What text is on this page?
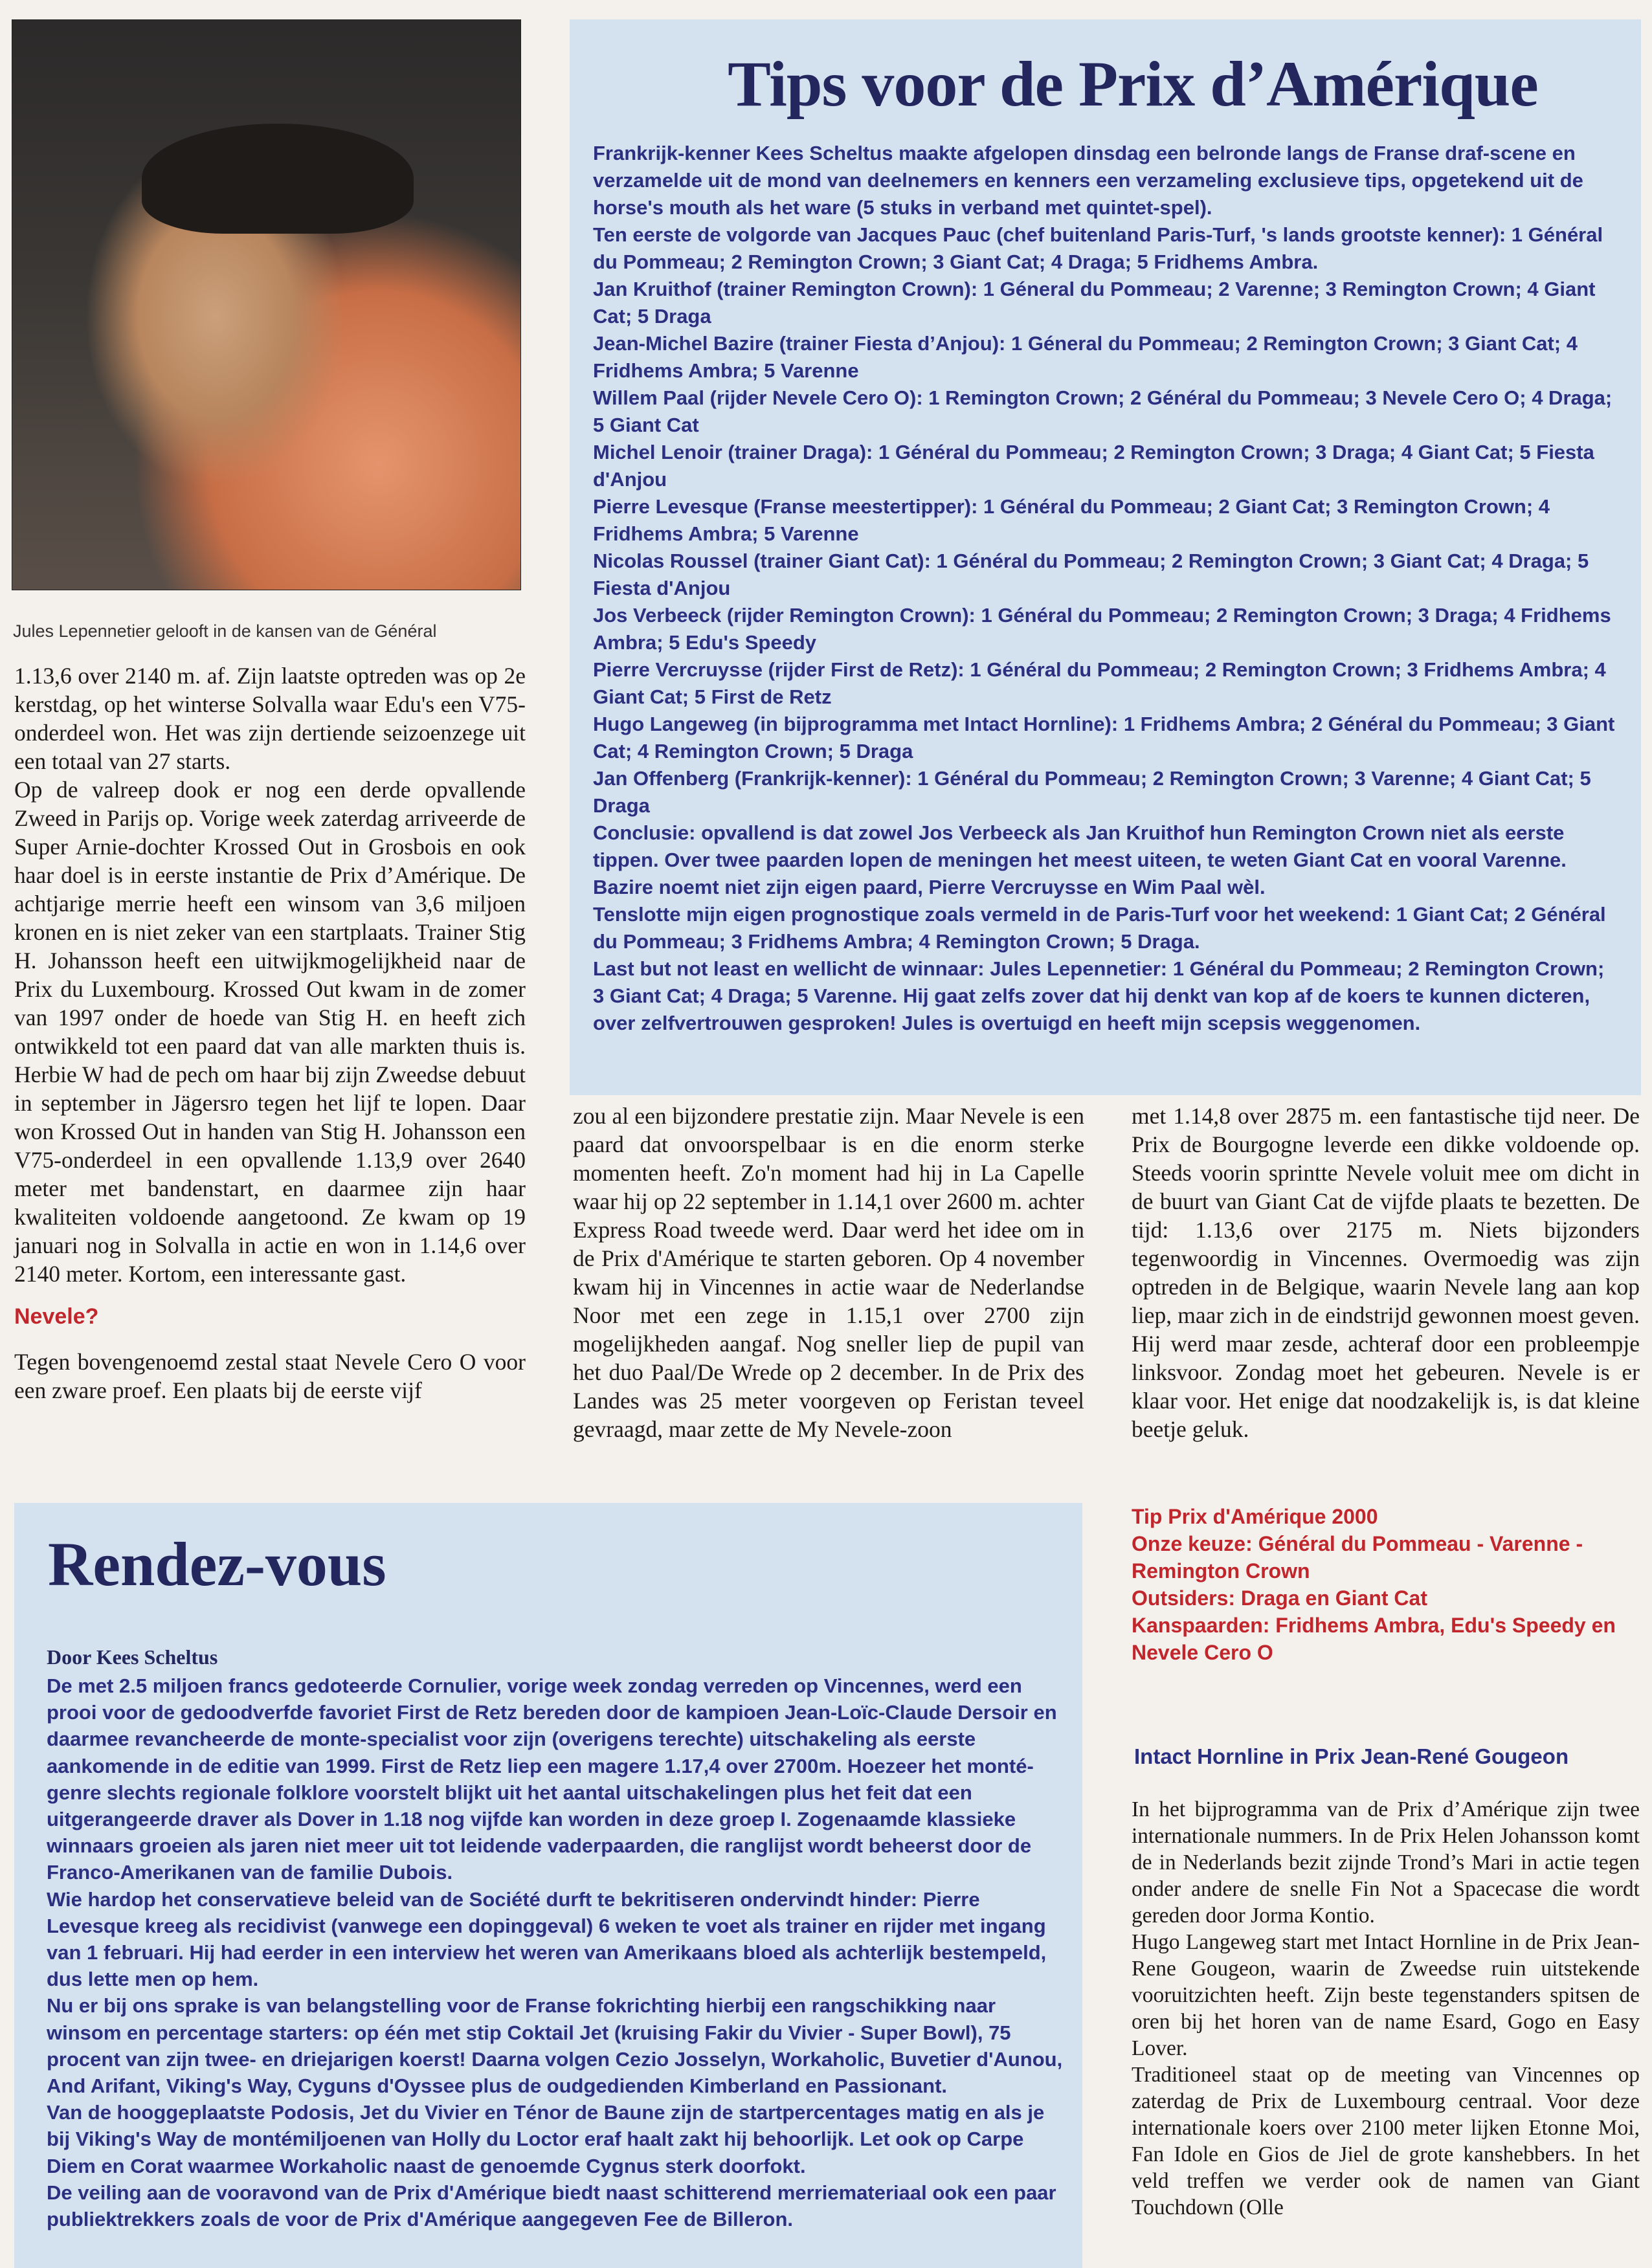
Jules Lepennetier gelooft in de kansen van de Général
Tips voor de Prix d’Amérique

Frankrijk-kenner Kees Scheltus maakte afgelopen dinsdag een belronde langs de Franse draf-scene en verzamelde uit de mond van deelnemers en kenners een verzameling exclusieve tips, opgetekend uit de horse's mouth als het ware (5 stuks in verband met quintet-spel).

Ten eerste de volgorde van Jacques Pauc (chef buitenland Paris-Turf, 's lands grootste kenner): 1 Général du Pommeau; 2 Remington Crown; 3 Giant Cat; 4 Draga; 5 Fridhems Ambra.

Jan Kruithof (trainer Remington Crown): 1 Géneral du Pommeau; 2 Varenne; 3 Remington Crown; 4 Giant Cat; 5 Draga

Jean-Michel Bazire (trainer Fiesta d’Anjou): 1 Géneral du Pommeau; 2 Remington Crown; 3 Giant Cat; 4 Fridhems Ambra; 5 Varenne

Willem Paal (rijder Nevele Cero O): 1 Remington Crown; 2 Général du Pommeau; 3 Nevele Cero O; 4 Draga; 5 Giant Cat

Michel Lenoir (trainer Draga): 1 Général du Pommeau; 2 Remington Crown; 3 Draga; 4 Giant Cat; 5 Fiesta d'Anjou

Pierre Levesque (Franse meestertipper): 1 Général du Pommeau; 2 Giant Cat; 3 Remington Crown; 4 Fridhems Ambra; 5 Varenne

Nicolas Roussel (trainer Giant Cat): 1 Général du Pommeau; 2 Remington Crown; 3 Giant Cat; 4 Draga; 5 Fiesta d'Anjou

Jos Verbeeck (rijder Remington Crown): 1 Général du Pommeau; 2 Remington Crown; 3 Draga; 4 Fridhems Ambra; 5 Edu's Speedy

Pierre Vercruysse (rijder First de Retz): 1 Général du Pommeau; 2 Remington Crown; 3 Fridhems Ambra; 4 Giant Cat; 5 First de Retz

Hugo Langeweg (in bijprogramma met Intact Hornline): 1 Fridhems Ambra; 2 Général du Pommeau; 3 Giant Cat; 4 Remington Crown; 5 Draga

Jan Offenberg (Frankrijk-kenner): 1 Général du Pommeau; 2 Remington Crown; 3 Varenne; 4 Giant Cat; 5 Draga

Conclusie: opvallend is dat zowel Jos Verbeeck als Jan Kruithof hun Remington Crown niet als eerste tippen. Over twee paarden lopen de meningen het meest uiteen, te weten Giant Cat en vooral Varenne. Bazire noemt niet zijn eigen paard, Pierre Vercruysse en Wim Paal wèl.

Tenslotte mijn eigen prognostique zoals vermeld in de Paris-Turf voor het weekend: 1 Giant Cat; 2 Général du Pommeau; 3 Fridhems Ambra; 4 Remington Crown; 5 Draga.

Last but not least en wellicht de winnaar: Jules Lepennetier: 1 Général du Pommeau; 2 Remington Crown; 3 Giant Cat; 4 Draga; 5 Varenne. Hij gaat zelfs zover dat hij denkt van kop af de koers te kunnen dicteren, over zelfvertrouwen gesproken! Jules is overtuigd en heeft mijn scepsis weggenomen.

1.13,6 over 2140 m. af. Zijn laatste optreden was op 2e kerstdag, op het winterse Solvalla waar Edu's een V75-onderdeel won. Het was zijn dertiende seizoenzege uit een totaal van 27 starts.

Op de valreep dook er nog een derde opvallende Zweed in Parijs op. Vorige week zaterdag arriveerde de Super Arnie-dochter Krossed Out in Grosbois en ook haar doel is in eerste instantie de Prix d’Amérique. De achtjarige merrie heeft een winsom van 3,6 miljoen kronen en is niet zeker van een startplaats. Trainer Stig H. Johansson heeft een uitwijkmogelijkheid naar de Prix du Luxembourg. Krossed Out kwam in de zomer van 1997 onder de hoede van Stig H. en heeft zich ontwikkeld tot een paard dat van alle markten thuis is. Herbie W had de pech om haar bij zijn Zweedse debuut in september in Jägersro tegen het lijf te lopen. Daar won Krossed Out in handen van Stig H. Johansson een V75-onderdeel in een opvallende 1.13,9 over 2640 meter met bandenstart, en daarmee zijn haar kwaliteiten voldoende aangetoond. Ze kwam op 19 januari nog in Solvalla in actie en won in 1.14,6 over 2140 meter. Kortom, een interessante gast.

Nevele?

Tegen bovengenoemd zestal staat Nevele Cero O voor een zware proef. Een plaats bij de eerste vijf

zou al een bijzondere prestatie zijn. Maar Nevele is een paard dat onvoorspelbaar is en die enorm sterke momenten heeft. Zo'n moment had hij in La Capelle waar hij op 22 september in 1.14,1 over 2600 m. achter Express Road tweede werd. Daar werd het idee om in de Prix d'Amérique te starten geboren. Op 4 november kwam hij in Vincennes in actie waar de Nederlandse Noor met een zege in 1.15,1 over 2700 zijn mogelijkheden aangaf. Nog sneller liep de pupil van het duo Paal/De Wrede op 2 december. In de Prix des Landes was 25 meter voorgeven op Feristan teveel gevraagd, maar zette de My Nevele-zoon

met 1.14,8 over 2875 m. een fantastische tijd neer. De Prix de Bourgogne leverde een dikke voldoende op. Steeds voorin sprintte Nevele voluit mee om dicht in de buurt van Giant Cat de vijfde plaats te bezetten. De tijd: 1.13,6 over 2175 m. Niets bijzonders tegenwoordig in Vincennes. Overmoedig was zijn optreden in de Belgique, waarin Nevele lang aan kop liep, maar zich in de eindstrijd gewonnen moest geven. Hij werd maar zesde, achteraf door een probleempje linksvoor. Zondag moet het gebeuren. Nevele is er klaar voor. Het enige dat noodzakelijk is, is dat kleine beetje geluk.

Rendez-vous
Door Kees Scheltus

De met 2.5 miljoen francs gedoteerde Cornulier, vorige week zondag verreden op Vincennes, werd een prooi voor de gedoodverfde favoriet First de Retz bereden door de kampioen Jean-Loïc-Claude Dersoir en daarmee revancheerde de monte-specialist voor zijn (overigens terechte) uitschakeling als eerste aankomende in de editie van 1999. First de Retz liep een magere 1.17,4 over 2700m. Hoezeer het monté-genre slechts regionale folklore voorstelt blijkt uit het aantal uitschakelingen plus het feit dat een uitgerangeerde draver als Dover in 1.18 nog vijfde kan worden in deze groep I. Zogenaamde klassieke winnaars groeien als jaren niet meer uit tot leidende vaderpaarden, die ranglijst wordt beheerst door de Franco-Amerikanen van de familie Dubois.

Wie hardop het conservatieve beleid van de Société durft te bekritiseren ondervindt hinder: Pierre Levesque kreeg als recidivist (vanwege een dopinggeval) 6 weken te voet als trainer en rijder met ingang van 1 februari. Hij had eerder in een interview het weren van Amerikaans bloed als achterlijk bestempeld, dus lette men op hem.

Nu er bij ons sprake is van belangstelling voor de Franse fokrichting hierbij een rangschikking naar winsom en percentage starters: op één met stip Coktail Jet (kruising Fakir du Vivier - Super Bowl), 75 procent van zijn twee- en driejarigen koerst! Daarna volgen Cezio Josselyn, Workaholic, Buvetier d'Aunou, And Arifant, Viking's Way, Cyguns d'Oyssee plus de oudgedienden Kimberland en Passionant.

Van de hooggeplaatste Podosis, Jet du Vivier en Ténor de Baune zijn de startpercentages matig en als je bij Viking's Way de montémiljoenen van Holly du Loctor eraf haalt zakt hij behoorlijk. Let ook op Carpe Diem en Corat waarmee Workaholic naast de genoemde Cygnus sterk doorfokt.

De veiling aan de vooravond van de Prix d'Amérique biedt naast schitterend merriemateriaal ook een paar publiektrekkers zoals de voor de Prix d'Amérique aangegeven Fee de Billeron.

Tip Prix d'Amérique 2000
Onze keuze: Général du Pommeau - Varenne - Remington Crown
Outsiders: Draga en Giant Cat
Kanspaarden: Fridhems Ambra, Edu's Speedy en Nevele Cero O
Intact Hornline in Prix Jean-René Gougeon

In het bijprogramma van de Prix d’Amérique zijn twee internationale nummers. In de Prix Helen Johansson komt de in Nederlands bezit zijnde Trond’s Mari in actie tegen onder andere de snelle Fin Not a Spacecase die wordt gereden door Jorma Kontio.

Hugo Langeweg start met Intact Hornline in de Prix Jean-Rene Gougeon, waarin de Zweedse ruin uitstekende vooruitzichten heeft. Zijn beste tegenstanders spitsen de oren bij het horen van de name Esard, Gogo en Easy Lover.

Traditioneel staat op de meeting van Vincennes op zaterdag de Prix de Luxembourg centraal. Voor deze internationale koers over 2100 meter lijken Etonne Moi, Fan Idole en Gios de Jiel de grote kanshebbers. In het veld treffen we verder ook de namen van Giant Touchdown (Olle
